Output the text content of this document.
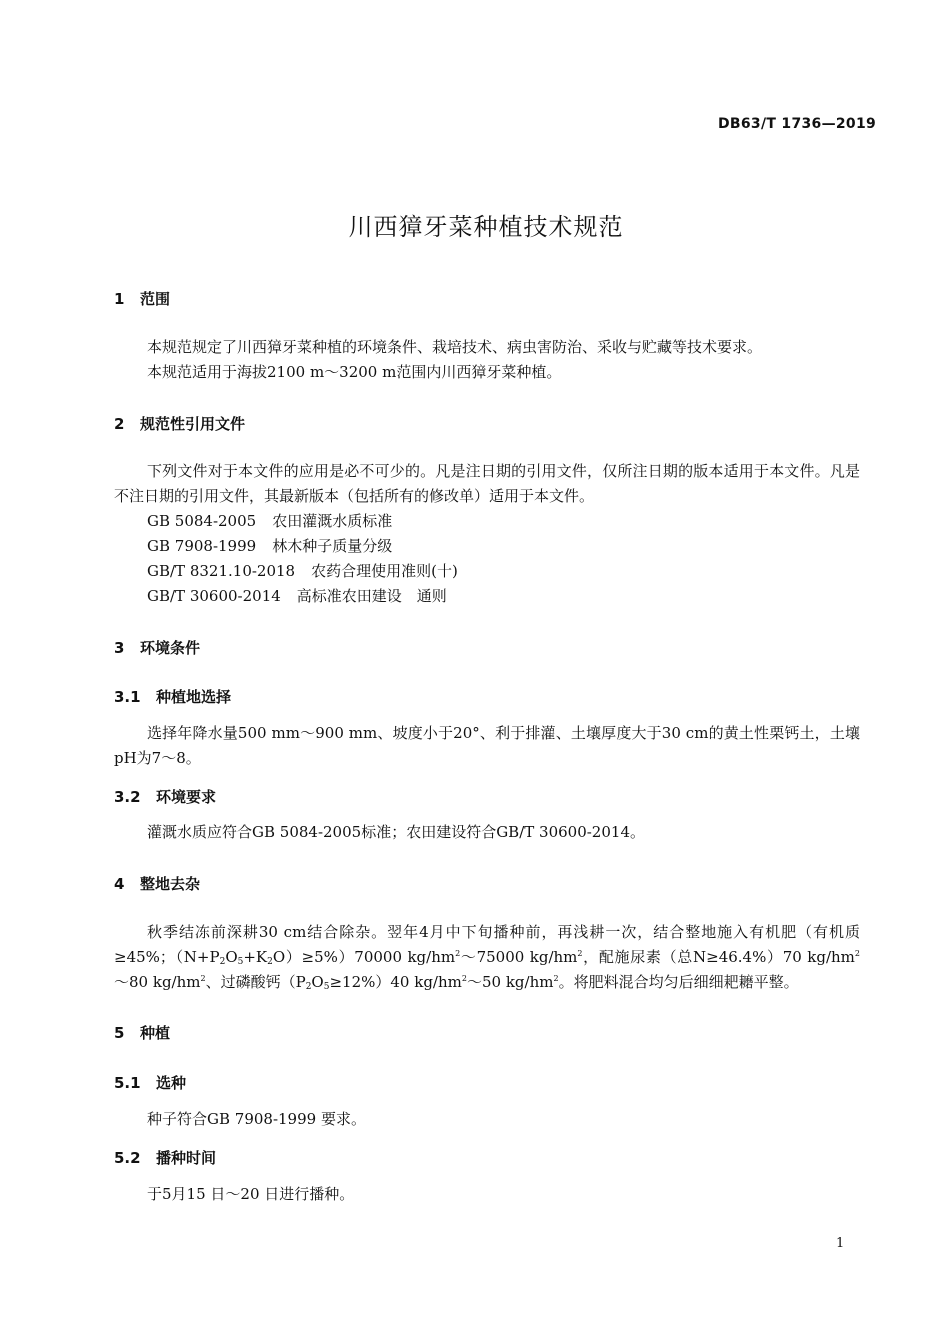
DB63/T 1736—2019
川西獐牙菜种植技术规范
1 范围
本规范规定了川西獐牙菜种植的环境条件、栽培技术、病虫害防治、采收与贮藏等技术要求。
本规范适用于海拔2100 m～3200 m范围内川西獐牙菜种植。
2 规范性引用文件
下列文件对于本文件的应用是必不可少的。凡是注日期的引用文件，仅所注日期的版本适用于本文件。凡是不注日期的引用文件，其最新版本（包括所有的修改单）适用于本文件。
GB 5084-2005 农田灌溉水质标准
GB 7908-1999 林木种子质量分级
GB/T 8321.10-2018 农药合理使用准则(十)
GB/T 30600-2014 高标准农田建设　通则
3 环境条件
3.1 种植地选择
选择年降水量500 mm～900 mm、坡度小于20°、利于排灌、土壤厚度大于30 cm的黄土性栗钙土，土壤pH为7～8。
3.2 环境要求
灌溉水质应符合GB 5084-2005标准；农田建设符合GB/T 30600-2014。
4 整地去杂
秋季结冻前深耕30 cm结合除杂。翌年4月中下旬播种前，再浅耕一次，结合整地施入有机肥（有机质≥45%；$(N+P_2O_5+K_2O)\ge 5\%)70000$ $kg/hm^2\sim 75000$ $kg/hm^2$，配施尿素（总N≥46.4%）70 $kg/hm^2\sim 80$ $kg/hm^2$、过磷酸钙$(P_2O_5\ge 12\%)40$ $kg/hm^2\sim 50$ $kg/hm^2$。将肥料混合均匀后细细耙耱平整。
5 种植
5.1 选种
种子符合GB 7908-1999 要求。
5.2 播种时间
于5月15 日～20 日进行播种。
1
